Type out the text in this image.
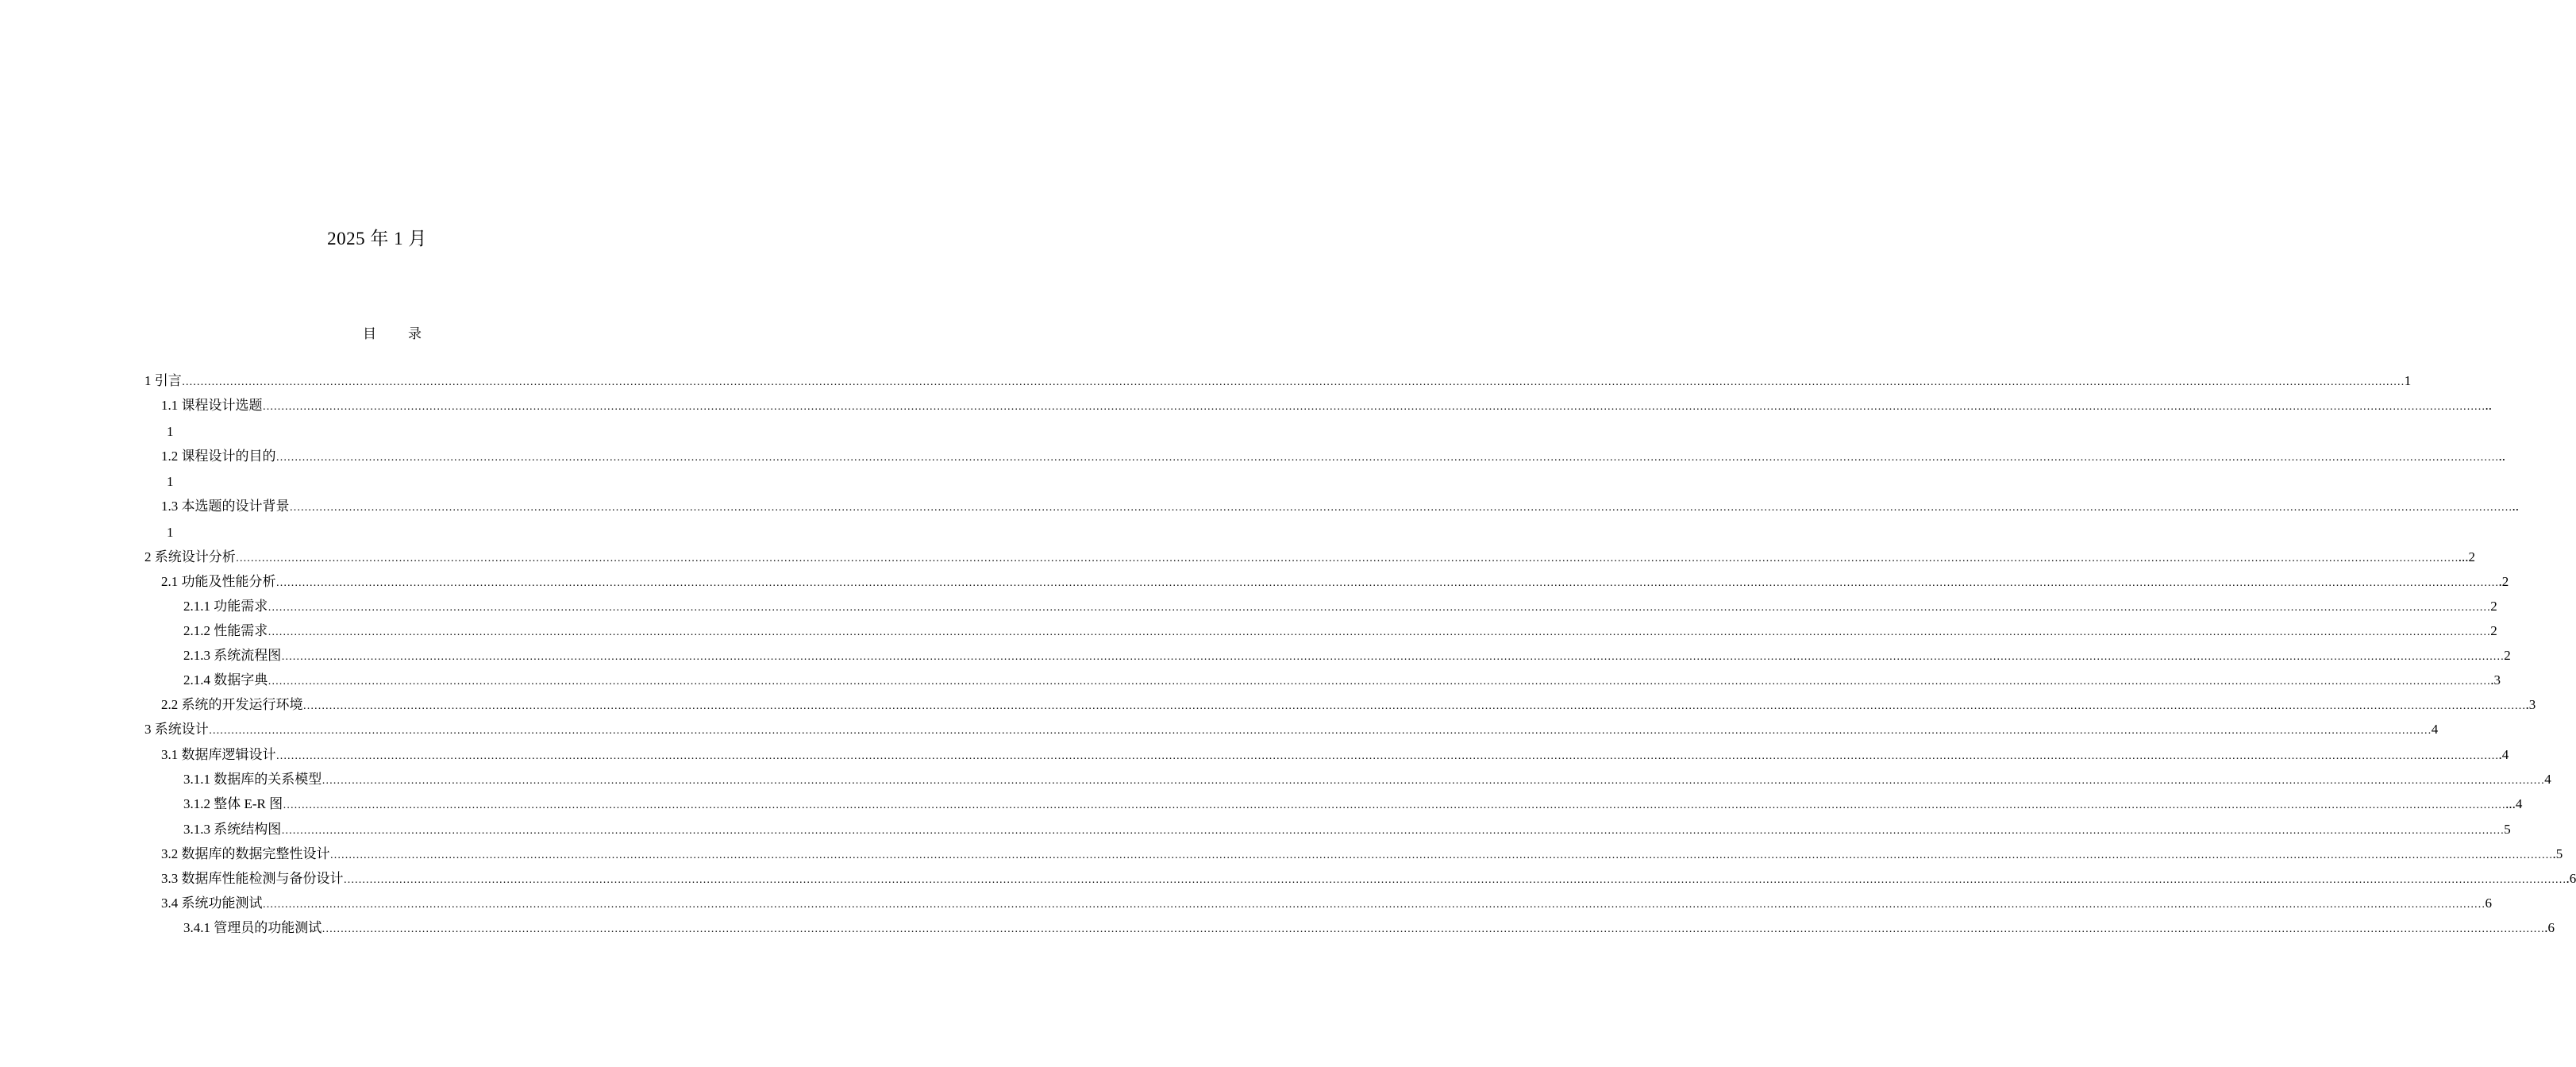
2025 年 1 月
目 录
1 引言 …………………………………………………………………………………………………………………………………………………………………………………………………………………………………………………………………………………………………………………………………………………………………………………………………………………………………………………………………………………………………………………………………………………… 1
1.1 课程设计选题 …………………………………………………………………………………………………………………………………………………………………………………………………………………………………………………………………………………………………………………………………………………………………………………………………………………………………………………………………………………………………………………………………………………… ..
1
1.2 课程设计的目的 …………………………………………………………………………………………………………………………………………………………………………………………………………………………………………………………………………………………………………………………………………………………………………………………………………………………………………………………………………………………………………………………………………………… ..
1
1.3 本选题的设计背景 …………………………………………………………………………………………………………………………………………………………………………………………………………………………………………………………………………………………………………………………………………………………………………………………………………………………………………………………………………………………………………………………………………………… ..
1
2 系统设计分析 …………………………………………………………………………………………………………………………………………………………………………………………………………………………………………………………………………………………………………………………………………………………………………………………………………………………………………………………………………………………………………………………………………………… ...2
2.1 功能及性能分析 …………………………………………………………………………………………………………………………………………………………………………………………………………………………………………………………………………………………………………………………………………………………………………………………………………………………………………………………………………………………………………………………………………………… .2
2.1.1 功能需求 …………………………………………………………………………………………………………………………………………………………………………………………………………………………………………………………………………………………………………………………………………………………………………………………………………………………………………………………………………………………………………………………………………………… 2
2.1.2 性能需求 …………………………………………………………………………………………………………………………………………………………………………………………………………………………………………………………………………………………………………………………………………………………………………………………………………………………………………………………………………………………………………………………………………………… 2
2.1.3 系统流程图 …………………………………………………………………………………………………………………………………………………………………………………………………………………………………………………………………………………………………………………………………………………………………………………………………………………………………………………………………………………………………………………………………………………… 2
2.1.4 数据字典 …………………………………………………………………………………………………………………………………………………………………………………………………………………………………………………………………………………………………………………………………………………………………………………………………………………………………………………………………………………………………………………………………………………… .3
2.2 系统的开发运行环境 …………………………………………………………………………………………………………………………………………………………………………………………………………………………………………………………………………………………………………………………………………………………………………………………………………………………………………………………………………………………………………………………………………………… .3
3 系统设计 …………………………………………………………………………………………………………………………………………………………………………………………………………………………………………………………………………………………………………………………………………………………………………………………………………………………………………………………………………………………………………………………………………………… 4
3.1 数据库逻辑设计 …………………………………………………………………………………………………………………………………………………………………………………………………………………………………………………………………………………………………………………………………………………………………………………………………………………………………………………………………………………………………………………………………………………… .4
3.1.1 数据库的关系模型 …………………………………………………………………………………………………………………………………………………………………………………………………………………………………………………………………………………………………………………………………………………………………………………………………………………………………………………………………………………………………………………………………………………… 4
3.1.2 整体 E-R 图 …………………………………………………………………………………………………………………………………………………………………………………………………………………………………………………………………………………………………………………………………………………………………………………………………………………………………………………………………………………………………………………………………………………… ...4
3.1.3 系统结构图 …………………………………………………………………………………………………………………………………………………………………………………………………………………………………………………………………………………………………………………………………………………………………………………………………………………………………………………………………………………………………………………………………………………… 5
3.2 数据库的数据完整性设计 …………………………………………………………………………………………………………………………………………………………………………………………………………………………………………………………………………………………………………………………………………………………………………………………………………………………………………………………………………………………………………………………………………………… .5
3.3 数据库性能检测与备份设计 …………………………………………………………………………………………………………………………………………………………………………………………………………………………………………………………………………………………………………………………………………………………………………………………………………………………………………………………………………………………………………………………………………………… .6
3.4 系统功能测试 …………………………………………………………………………………………………………………………………………………………………………………………………………………………………………………………………………………………………………………………………………………………………………………………………………………………………………………………………………………………………………………………………………………… 6
3.4.1 管理员的功能测试 …………………………………………………………………………………………………………………………………………………………………………………………………………………………………………………………………………………………………………………………………………………………………………………………………………………………………………………………………………………………………………………………………………………… .6
